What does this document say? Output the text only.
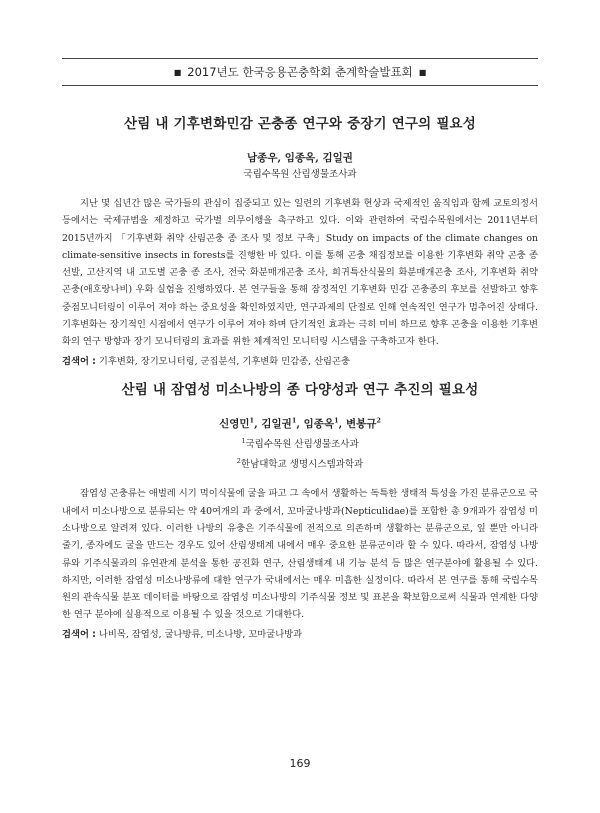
■ 2017년도 한국응용곤충학회 춘계학술발표회 ■
산림 내 기후변화민감 곤충종 연구와 중장기 연구의 필요성
남종우, 임종옥, 김일권
국립수목원 산림생물조사과

지난 몇 십년간 많은 국가들의 관심이 집중되고 있는 일련의 기후변화 현상과 국제적인 움직임과 함께 교토의정서 등에서는 국제규범을 제정하고 국가별 의무이행을 촉구하고 있다. 이와 관련하여 국립수목원에서는 2011년부터 2015년까지 「기후변화 취약 산림곤충 종 조사 및 정보 구축」Study on impacts of the climate changes on climate-sensitive insects in forests를 진행한 바 있다. 이를 통해 곤충 채집정보를 이용한 기후변화 취약 곤충 종 선발, 고산지역 내 고도별 곤충 종 조사, 전국 화분매개곤충 조사, 희귀특산식물의 화분매개곤충 조사, 기후변화 취약 곤충(애호랑나비) 우화 실험을 진행하였다. 본 연구들을 통해 잠정적인 기후변화 민감 곤충종의 후보를 선발하고 향후 중점모니터링이 이루어 져야 하는 중요성을 확인하였지만, 연구과제의 단절로 인해 연속적인 연구가 멈추어진 상태다. 기후변화는 장기적인 시점에서 연구가 이루어 져야 하며 단기적인 효과는 극히 미비 하므로 향후 곤충을 이용한 기후변화의 연구 방향과 장기 모니터링의 효과를 위한 체계적인 모니터링 시스템을 구축하고자 한다.

검색어 : 기후변화, 장기모니터링, 군집분석, 기후변화 민감종, 산림곤충
산림 내 잠엽성 미소나방의 종 다양성과 연구 추진의 필요성
신영민$^1$, 김일권$^1$, 임종옥$^1$, 변봉규$^2$
$^1$국립수목원 산림생물조사과
$^2$한남대학교 생명시스템과학과

잠엽성 곤충류는 애벌레 시기 먹이식물에 굴을 파고 그 속에서 생활하는 독특한 생태적 특성을 가진 분류군으로 국내에서 미소나방으로 분류되는 약 40여개의 과 중에서, 꼬마굴나방과(Nepticulidae)를 포함한 총 9개과가 잠엽성 미소나방으로 알려져 있다. 이러한 나방의 유충은 기주식물에 전적으로 의존하며 생활하는 분류군으로, 잎 뿐만 아니라 줄기, 종자에도 굴을 만드는 경우도 있어 산림생태계 내에서 매우 중요한 분류군이라 할 수 있다. 따라서, 잠엽성 나방류와 기주식물과의 유연관계 분석을 통한 공진화 연구, 산림생태계 내 기능 분석 등 많은 연구분야에 활용될 수 있다. 하지만, 이러한 잠엽성 미소나방류에 대한 연구가 국내에서는 매우 미흡한 실정이다. 따라서 본 연구를 통해 국립수목원의 관속식물 분포 데이터를 바탕으로 잠엽성 미소나방의 기주식물 정보 및 표본을 확보함으로써 식물과 연계한 다양한 연구 분야에 실용적으로 이용될 수 있을 것으로 기대한다.

검색어 : 나비목, 잠엽성, 굴나방류, 미소나방, 꼬마굴나방과
169
